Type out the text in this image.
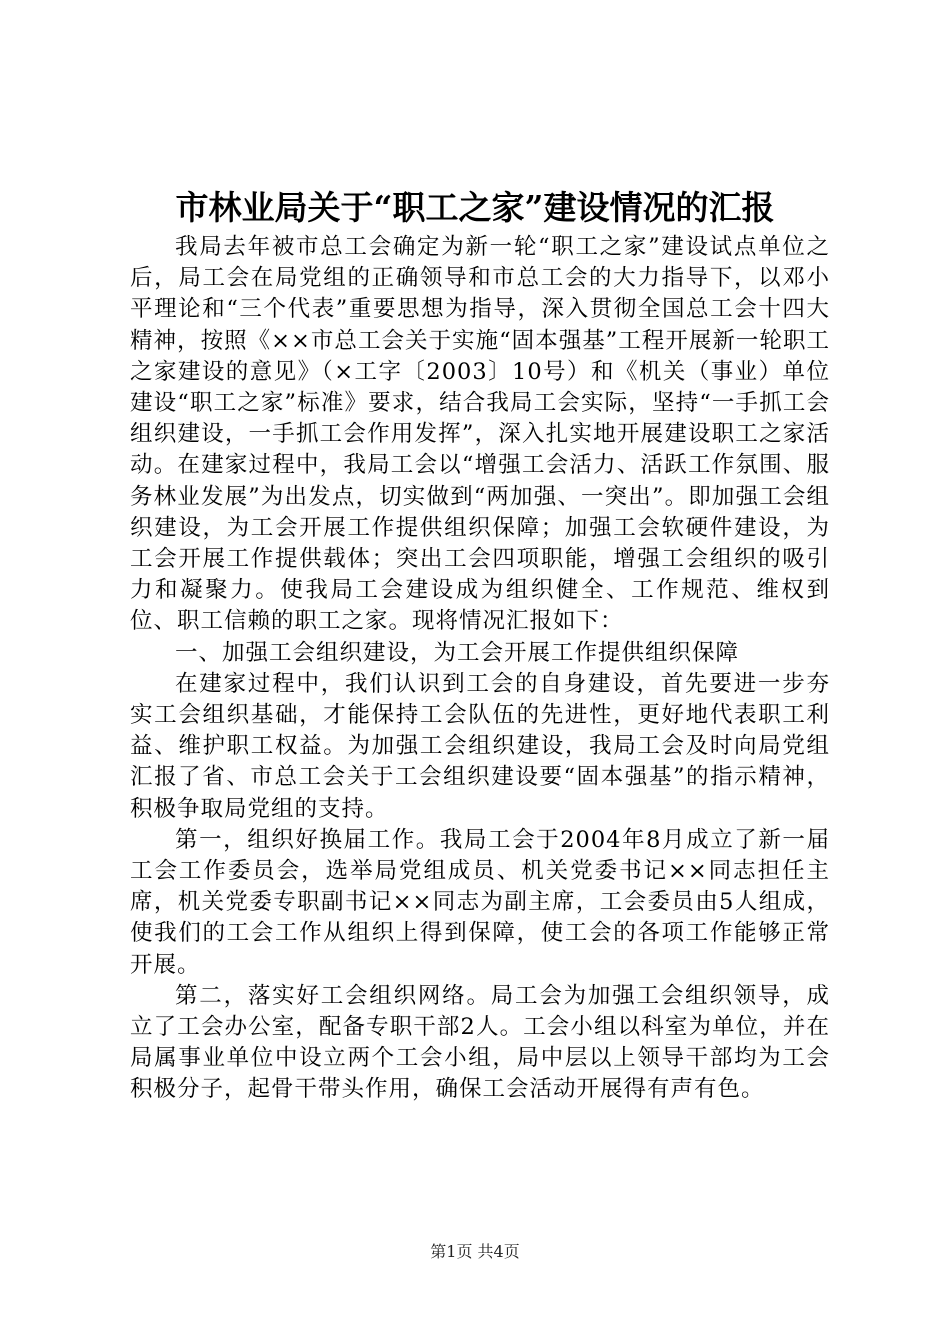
市林业局关于“职工之家”建设情况的汇报

我局去年被市总工会确定为新一轮“职工之家”建设试点单位之后，局工会在局党组的正确领导和市总工会的大力指导下，以邓小平理论和“三个代表”重要思想为指导，深入贯彻全国总工会十四大精神，按照《××市总工会关于实施“固本强基”工程开展新一轮职工之家建设的意见》（×工字〔2003〕10号）和《机关（事业）单位建设“职工之家”标准》要求，结合我局工会实际，坚持“一手抓工会组织建设，一手抓工会作用发挥”，深入扎实地开展建设职工之家活动。在建家过程中，我局工会以“增强工会活力、活跃工作氛围、服务林业发展”为出发点，切实做到“两加强、一突出”。即加强工会组织建设，为工会开展工作提供组织保障；加强工会软硬件建设，为工会开展工作提供载体；突出工会四项职能，增强工会组织的吸引力和凝聚力。使我局工会建设成为组织健全、工作规范、维权到位、职工信赖的职工之家。现将情况汇报如下：

一、加强工会组织建设，为工会开展工作提供组织保障

在建家过程中，我们认识到工会的自身建设，首先要进一步夯实工会组织基础，才能保持工会队伍的先进性，更好地代表职工利益、维护职工权益。为加强工会组织建设，我局工会及时向局党组汇报了省、市总工会关于工会组织建设要“固本强基”的指示精神，积极争取局党组的支持。

第一，组织好换届工作。我局工会于2004年8月成立了新一届工会工作委员会，选举局党组成员、机关党委书记××同志担任主席，机关党委专职副书记××同志为副主席，工会委员由5人组成，使我们的工会工作从组织上得到保障，使工会的各项工作能够正常开展。

第二，落实好工会组织网络。局工会为加强工会组织领导，成立了工会办公室，配备专职干部2人。工会小组以科室为单位，并在局属事业单位中设立两个工会小组，局中层以上领导干部均为工会积极分子，起骨干带头作用，确保工会活动开展得有声有色。

第1页 共4页
